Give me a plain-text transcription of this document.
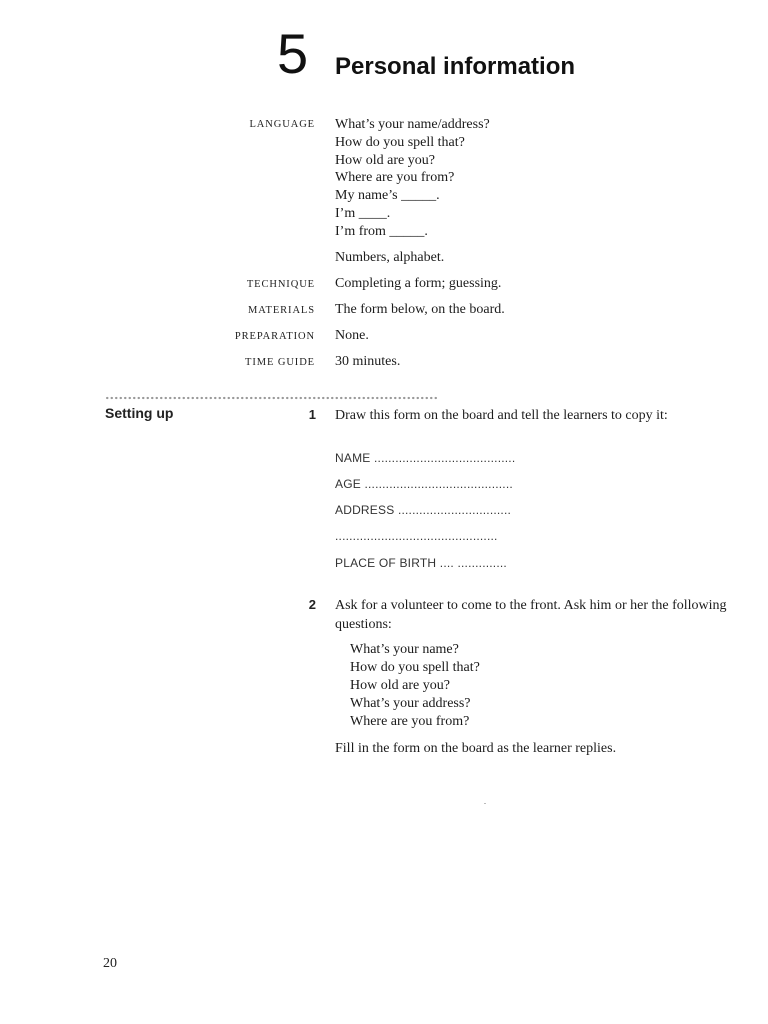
5 Personal information
LANGUAGE What’s your name/address?
How do you spell that?
How old are you?
Where are you from?
My name’s _____.
I’m ____.
I’m from _____.
Numbers, alphabet.
TECHNIQUE Completing a form; guessing.
MATERIALS The form below, on the board.
PREPARATION None.
TIME GUIDE 30 minutes.
Setting up	1 Draw this form on the board and tell the learners to copy it:
NAME ........................................
AGE ..........................................
ADDRESS ................................
..............................................
PLACE OF BIRTH .... ..............
2 Ask for a volunteer to come to the front. Ask him or her the following questions:
What’s your name?
How do you spell that?
How old are you?
What’s your address?
Where are you from?
Fill in the form on the board as the learner replies.
20
